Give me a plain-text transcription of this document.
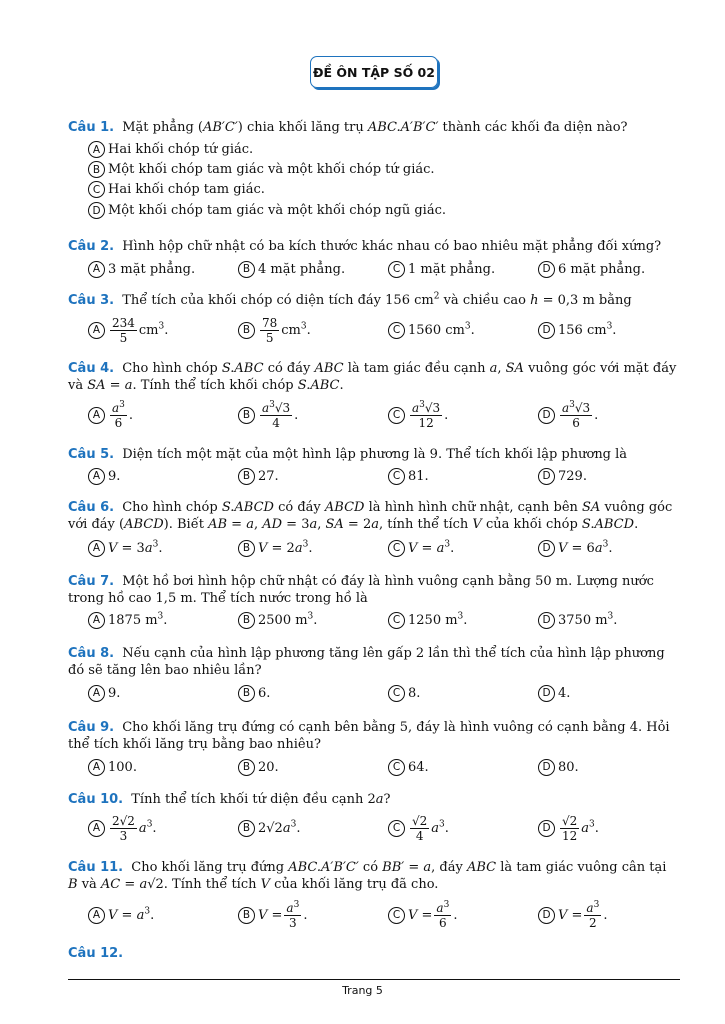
ĐỀ ÔN TẬP SỐ 02
Câu 1. Mặt phẳng (AB′C′) chia khối lăng trụ ABC.A′B′C′ thành các khối đa diện nào?
A Hai khối chóp tứ giác.
B Một khối chóp tam giác và một khối chóp tứ giác.
C Hai khối chóp tam giác.
D Một khối chóp tam giác và một khối chóp ngũ giác.
Câu 2. Hình hộp chữ nhật có ba kích thước khác nhau có bao nhiêu mặt phẳng đối xứng?
A 3 mặt phẳng.	B 4 mặt phẳng.	C 1 mặt phẳng.	D 6 mặt phẳng.
Câu 3. Thể tích của khối chóp có diện tích đáy 156 $cm^2$ và chiều cao h = 0,3 m bằng
A $\frac{234}{5} cm^3$.	B $\frac{78}{5} cm^3$.	C 1560 $cm^3$.	D 156 $cm^3$.
Câu 4. Cho hình chóp S.ABC có đáy ABC là tam giác đều cạnh a, SA vuông góc với mặt đáy và SA = a. Tính thể tích khối chóp S.ABC.
A $\frac{a^3}{6}$ .	B $\frac{a^3√3}{4}$ .	C $\frac{a^3√3}{12}$ .	D $\frac{a^3√3}{6}$ .
Câu 5. Diện tích một mặt của một hình lập phương là 9. Thể tích khối lập phương là
A 9.	B 27.	C 81.	D 729.
Câu 6. Cho hình chóp S.ABCD có đáy ABCD là hình hình chữ nhật, cạnh bên SA vuông góc với đáy (ABCD). Biết AB = a, AD = 3a, SA = 2a, tính thể tích V của khối chóp S.ABCD.
A $V = 3a^3$.	B $V = 2a^3$.	C $V = a^3$.	D $V = 6a^3$.
Câu 7. Một hồ bơi hình hộp chữ nhật có đáy là hình vuông cạnh bằng 50 m. Lượng nước trong hồ cao 1,5 m. Thể tích nước trong hồ là
A 1875 $m^3$.	B 2500 $m^3$.	C 1250 $m^3$.	D 3750 $m^3$.
Câu 8. Nếu cạnh của hình lập phương tăng lên gấp 2 lần thì thể tích của hình lập phương đó sẽ tăng lên bao nhiêu lần?
A 9.	B 6.	C 8.	D 4.
Câu 9. Cho khối lăng trụ đứng có cạnh bên bằng 5, đáy là hình vuông có cạnh bằng 4. Hỏi thể tích khối lăng trụ bằng bao nhiêu?
A 100.	B 20.	C 64.	D 80.
Câu 10. Tính thể tích khối tứ diện đều cạnh 2a?
A $\frac{2√2}{3} a^3$.	B $2√2a^3$.	C $\frac{√2}{4} a^3$.	D $\frac{√2}{12} a^3$.
Câu 11. Cho khối lăng trụ đứng ABC.A′B′C′ có BB′ = a, đáy ABC là tam giác vuông cân tại B và AC = a√2. Tính thể tích V của khối lăng trụ đã cho.
A $V = a^3$.	B $V = \frac{a^3}{3}$ .	C $V = \frac{a^3}{6}$ .	D $V = \frac{a^3}{2}$ .
Câu 12.
Trang 5
